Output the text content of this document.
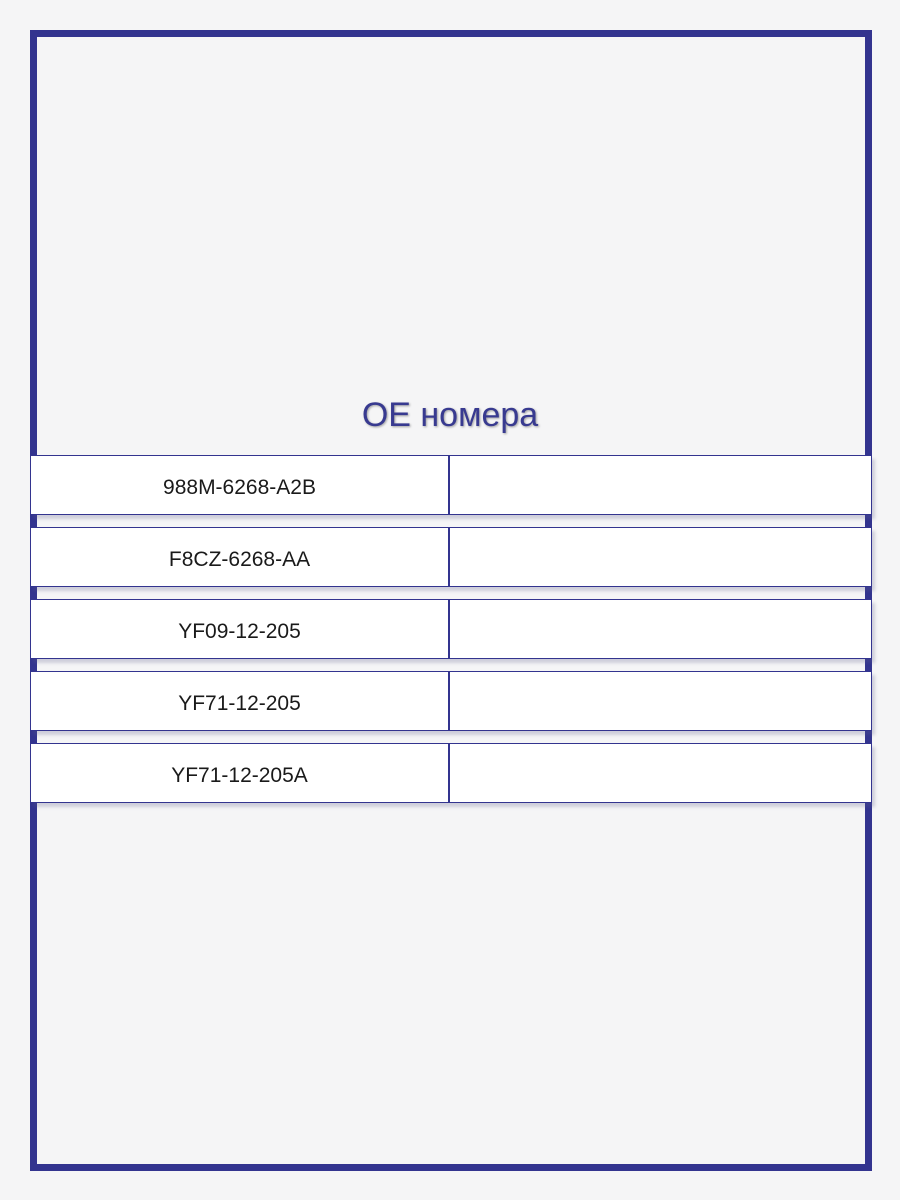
OE номера
988M-6268-A2B
F8CZ-6268-AA
YF09-12-205
YF71-12-205
YF71-12-205A
